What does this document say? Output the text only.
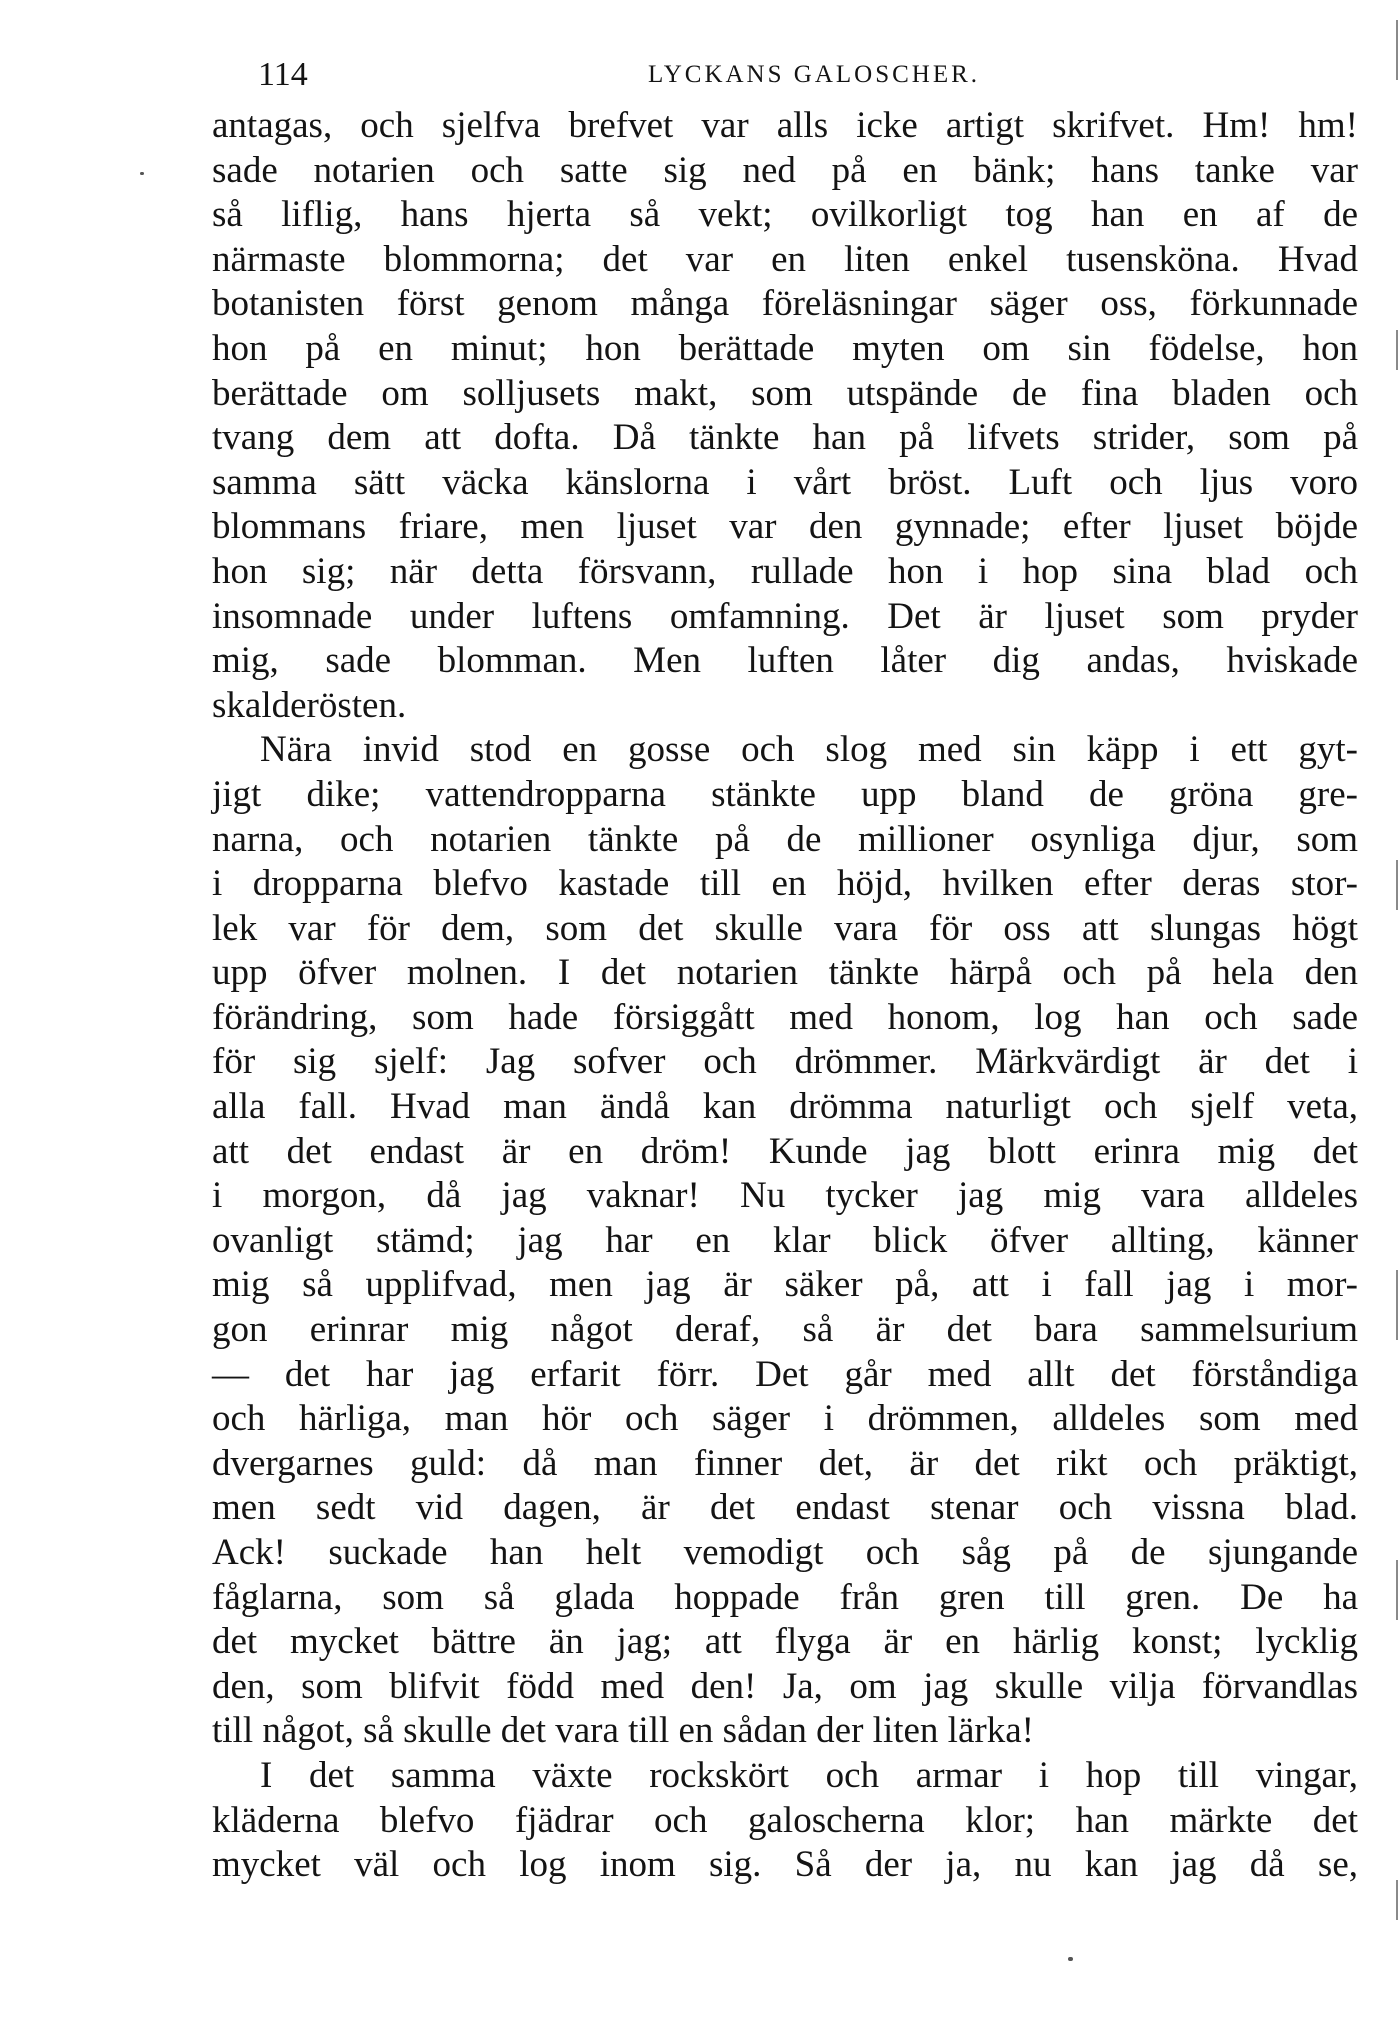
114	LYCKANS GALOSCHER.
antagas, och sjelfva brefvet var alls icke artigt skrifvet. Hm! hm!
sade notarien och satte sig ned på en bänk; hans tanke var
så liflig, hans hjerta så vekt; ovilkorligt tog han en af de
närmaste blommorna; det var en liten enkel tusensköna. Hvad
botanisten först genom många föreläsningar säger oss, förkunnade
hon på en minut; hon berättade myten om sin födelse, hon
berättade om solljusets makt, som utspände de fina bladen och
tvang dem att dofta. Då tänkte han på lifvets strider, som på
samma sätt väcka känslorna i vårt bröst. Luft och ljus voro
blommans friare, men ljuset var den gynnade; efter ljuset böjde
hon sig; när detta försvann, rullade hon i hop sina blad och
insomnade under luftens omfamning. Det är ljuset som pryder
mig, sade blomman. Men luften låter dig andas, hviskade
skalderösten.
Nära invid stod en gosse och slog med sin käpp i ett gyt-
jigt dike; vattendropparna stänkte upp bland de gröna gre-
narna, och notarien tänkte på de millioner osynliga djur, som
i dropparna blefvo kastade till en höjd, hvilken efter deras stor-
lek var för dem, som det skulle vara för oss att slungas högt
upp öfver molnen. I det notarien tänkte härpå och på hela den
förändring, som hade försiggått med honom, log han och sade
för sig sjelf: Jag sofver och drömmer. Märkvärdigt är det i
alla fall. Hvad man ändå kan drömma naturligt och sjelf veta,
att det endast är en dröm! Kunde jag blott erinra mig det
i morgon, då jag vaknar! Nu tycker jag mig vara alldeles
ovanligt stämd; jag har en klar blick öfver allting, känner
mig så upplifvad, men jag är säker på, att i fall jag i mor-
gon erinrar mig något deraf, så är det bara sammelsurium
— det har jag erfarit förr. Det går med allt det förståndiga
och härliga, man hör och säger i drömmen, alldeles som med
dvergarnes guld: då man finner det, är det rikt och präktigt,
men sedt vid dagen, är det endast stenar och vissna blad.
Ack! suckade han helt vemodigt och såg på de sjungande
fåglarna, som så glada hoppade från gren till gren. De ha
det mycket bättre än jag; att flyga är en härlig konst; lycklig
den, som blifvit född med den! Ja, om jag skulle vilja förvandlas
till något, så skulle det vara till en sådan der liten lärka!
I det samma växte rockskört och armar i hop till vingar,
kläderna blefvo fjädrar och galoscherna klor; han märkte det
mycket väl och log inom sig. Så der ja, nu kan jag då se,
